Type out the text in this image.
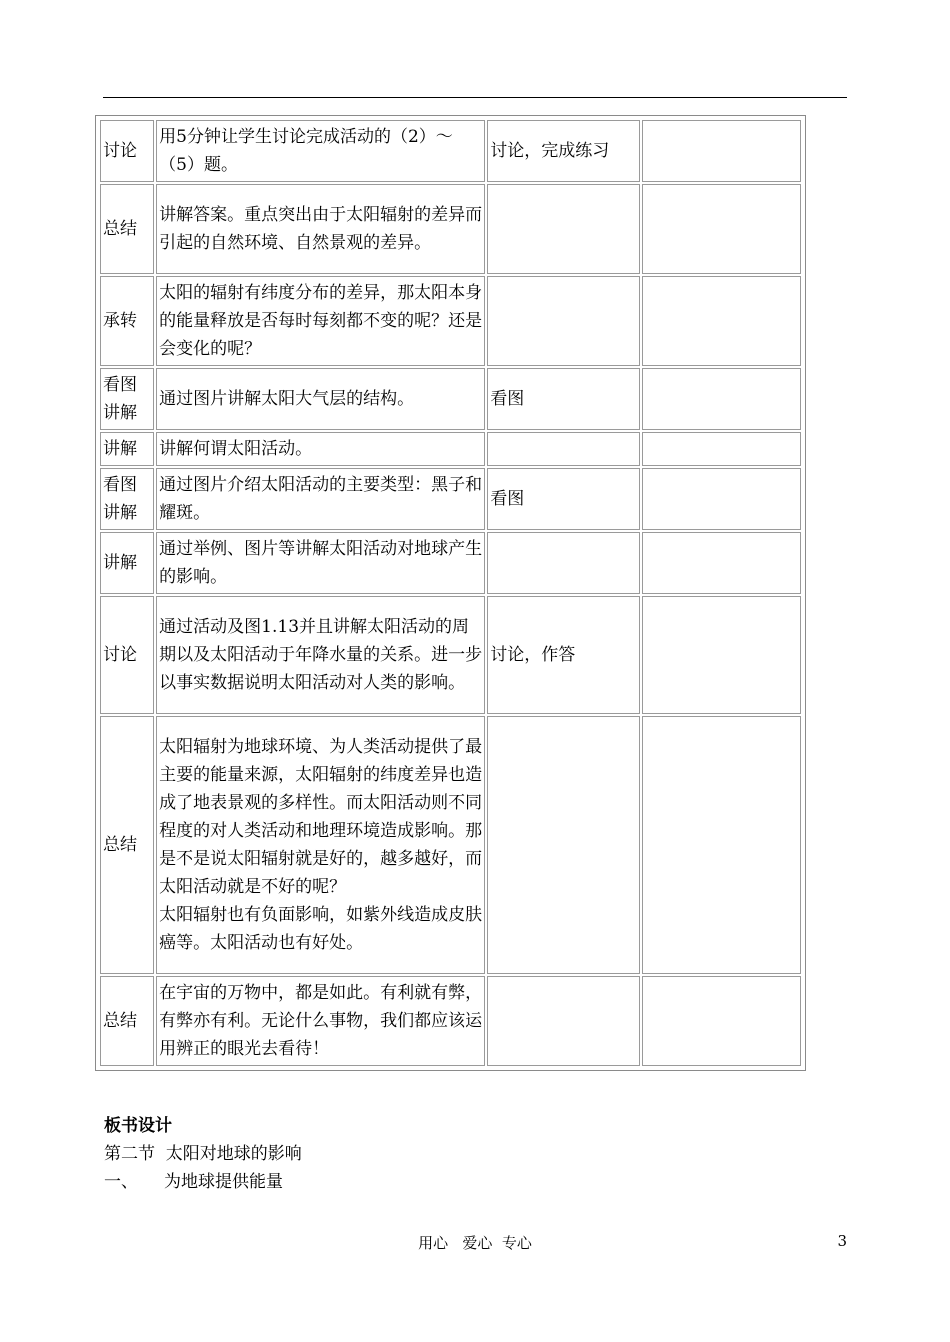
讨论	用5分钟让学生讨论完成活动的（2）～（5）题。	讨论，完成练习	
总结	讲解答案。重点突出由于太阳辐射的差异而引起的自然环境、自然景观的差异。		
承转	太阳的辐射有纬度分布的差异，那太阳本身的能量释放是否每时每刻都不变的呢？还是会变化的呢？		
看图讲解	通过图片讲解太阳大气层的结构。	看图	
讲解	讲解何谓太阳活动。		
看图讲解	通过图片介绍太阳活动的主要类型：黑子和耀斑。	看图	
讲解	通过举例、图片等讲解太阳活动对地球产生的影响。		
讨论	通过活动及图1.13并且讲解太阳活动的周期以及太阳活动于年降水量的关系。进一步以事实数据说明太阳活动对人类的影响。	讨论，作答	
总结	太阳辐射为地球环境、为人类活动提供了最主要的能量来源，太阳辐射的纬度差异也造成了地表景观的多样性。而太阳活动则不同程度的对人类活动和地理环境造成影响。那是不是说太阳辐射就是好的，越多越好，而太阳活动就是不好的呢？
太阳辐射也有负面影响，如紫外线造成皮肤癌等。太阳活动也有好处。		
总结	在宇宙的万物中，都是如此。有利就有弊，有弊亦有利。无论什么事物，我们都应该运用辨正的眼光去看待！		
板书设计
第二节  太阳对地球的影响
一、 为地球提供能量
用心   爱心  专心	3
